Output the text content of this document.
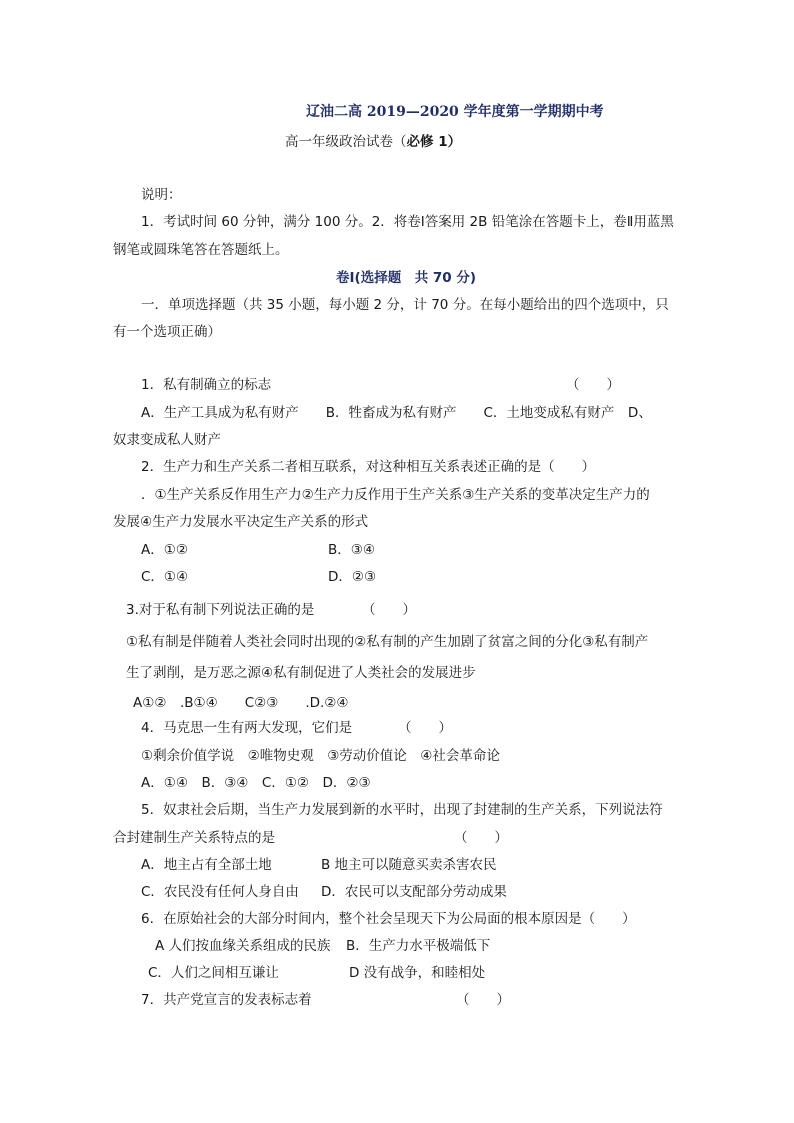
辽油二高 2019—2020 学年度第一学期期中考
高一年级政治试卷（必修 1）
说明：
1．考试时间 60 分钟，满分 100 分。2．将卷Ⅰ答案用 2B 铅笔涂在答题卡上，卷Ⅱ用蓝黑
钢笔或圆珠笔答在答题纸上。
卷Ⅰ(选择题　共 70 分)
一．单项选择题（共 35 小题，每小题 2 分，计 70 分。在每小题给出的四个选项中，只
有一个选项正确）
1．私有制确立的标志	（　　）
A．生产工具成为私有财产　　B．牲畜成为私有财产　　C．土地变成私有财产　D、
奴隶变成私人财产
2．生产力和生产关系二者相互联系，对这种相互关系表述正确的是（　　）
．①生产关系反作用生产力②生产力反作用于生产关系③生产关系的变革决定生产力的
发展④生产力发展水平决定生产关系的形式
A．①②	B．③④
C．①④	D．②③
3.对于私有制下列说法正确的是	（　　）
①私有制是伴随着人类社会同时出现的②私有制的产生加剧了贫富之间的分化③私有制产
生了剥削，是万恶之源④私有制促进了人类社会的发展进步
A①②　.B①④　　C②③　　.D.②④
4．马克思一生有两大发现，它们是	（　　）
①剩余价值学说　②唯物史观　③劳动价值论　④社会革命论
A．①④　B．③④　C．①②　D．②③
5．奴隶社会后期，当生产力发展到新的水平时，出现了封建制的生产关系，下列说法符
合封建制生产关系特点的是	（　　）
A．地主占有全部土地	B 地主可以随意买卖杀害农民
C．农民没有任何人身自由 D．农民可以支配部分劳动成果
6．在原始社会的大部分时间内，整个社会呈现天下为公局面的根本原因是（　　）
A 人们按血缘关系组成的民族 B．生产力水平极端低下
C．人们之间相互谦让	D 没有战争，和睦相处
7．共产党宣言的发表标志着	（　　）
